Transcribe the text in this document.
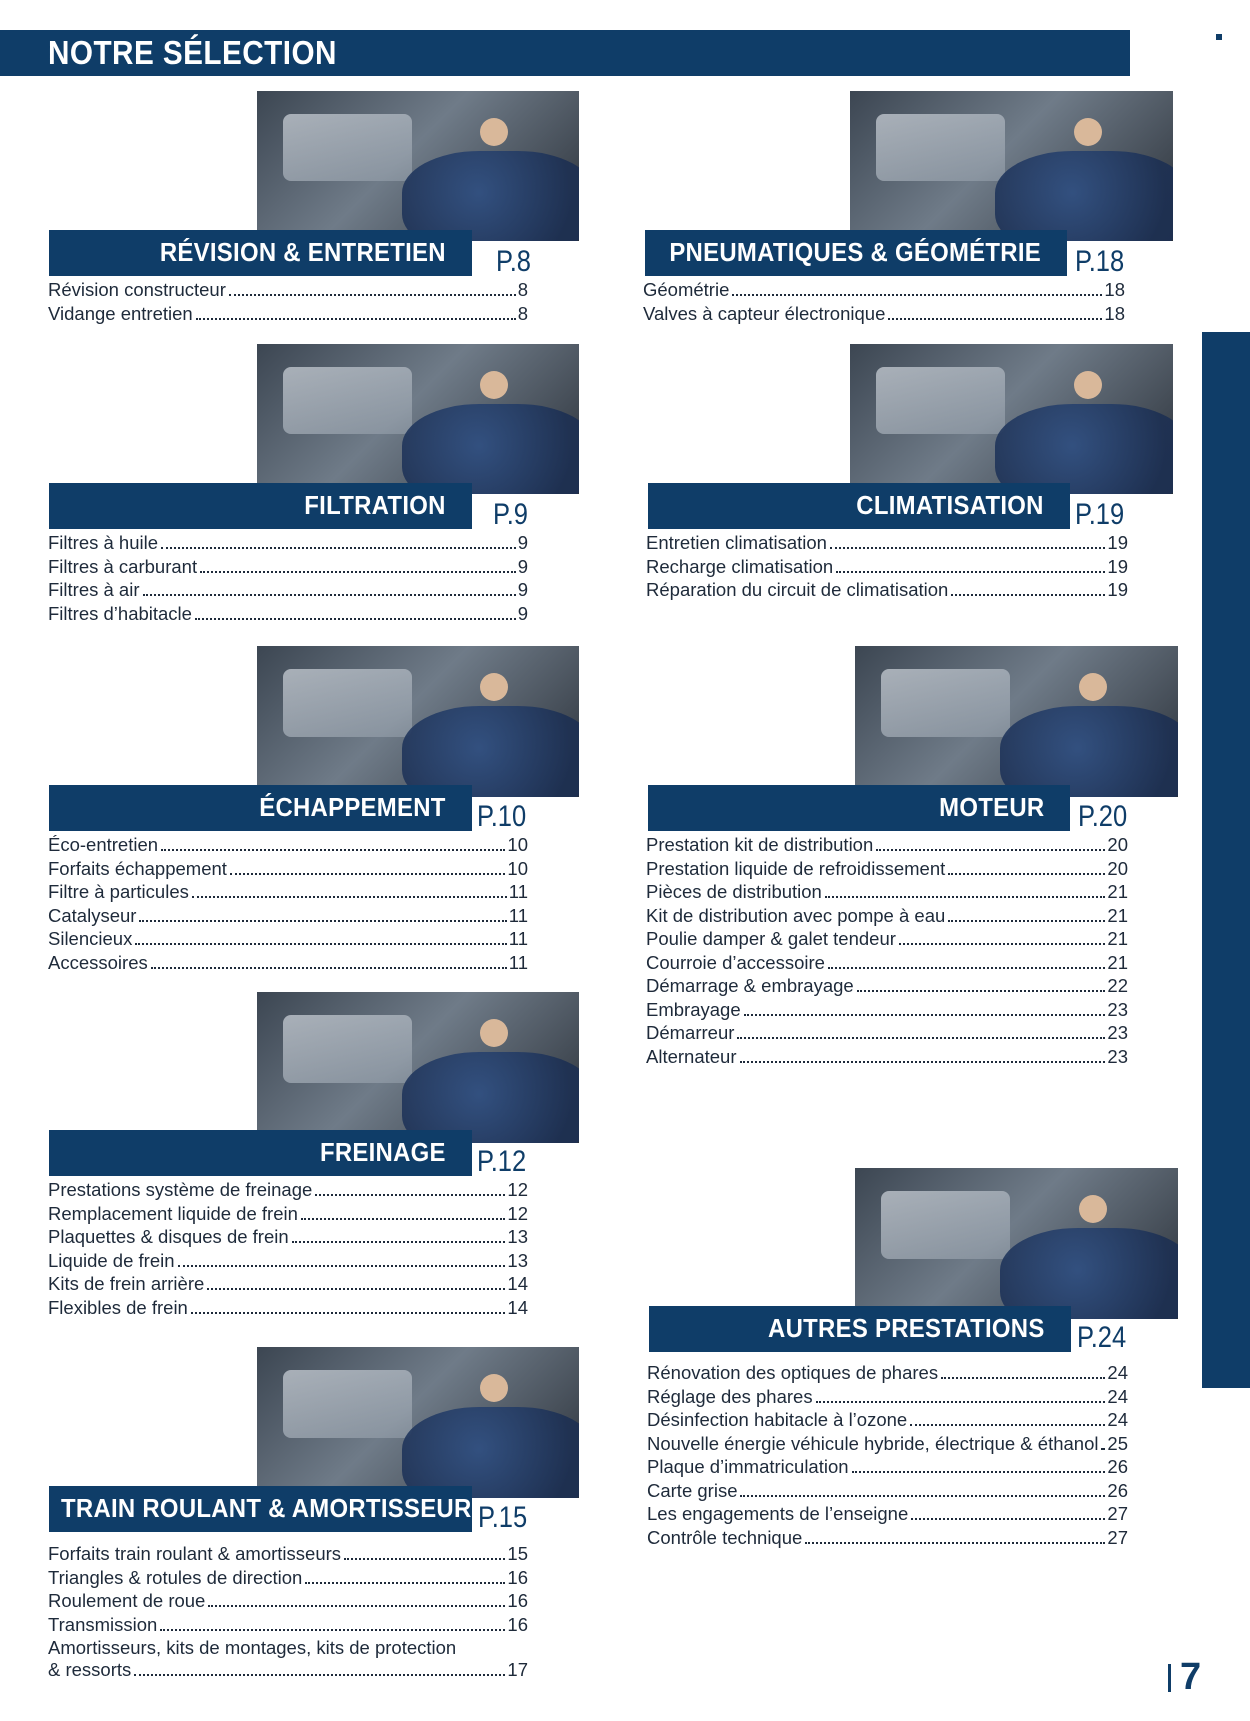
NOTRE SÉLECTION
7
RÉVISION & ENTRETIEN P.8
Révision constructeur	8
Vidange entretien	8
PNEUMATIQUES & GÉOMÉTRIE P.18
Géométrie	18
Valves à capteur électronique	18
FILTRATION P.9
Filtres à huile	9
Filtres à carburant	9
Filtres à air	9
Filtres d’habitacle	9
CLIMATISATION P.19
Entretien climatisation	19
Recharge climatisation	19
Réparation du circuit de climatisation	19
ÉCHAPPEMENT P.10
Éco-entretien	10
Forfaits échappement	10
Filtre à particules	11
Catalyseur	11
Silencieux	11
Accessoires	11
MOTEUR P.20
Prestation kit de distribution	20
Prestation liquide de refroidissement	20
Pièces de distribution	21
Kit de distribution avec pompe à eau	21
Poulie damper & galet tendeur	21
Courroie d’accessoire	21
Démarrage & embrayage	22
Embrayage	23
Démarreur	23
Alternateur	23
FREINAGE P.12
Prestations système de freinage	12
Remplacement liquide de frein	12
Plaquettes & disques de frein	13
Liquide de frein	13
Kits de frein arrière	14
Flexibles de frein	14
AUTRES PRESTATIONS P.24
Rénovation des optiques de phares	24
Réglage des phares	24
Désinfection habitacle à l’ozone	24
Nouvelle énergie véhicule hybride, électrique & éthanol 25
Plaque d’immatriculation	26
Carte grise	26
Les engagements de l’enseigne	27
Contrôle technique	27
TRAIN ROULANT & AMORTISSEURS
P.15
Forfaits train roulant & amortisseurs	15
Triangles & rotules de direction	16
Roulement de roue	16
Transmission	16
Amortisseurs, kits de montages, kits de protection
& ressorts	17
